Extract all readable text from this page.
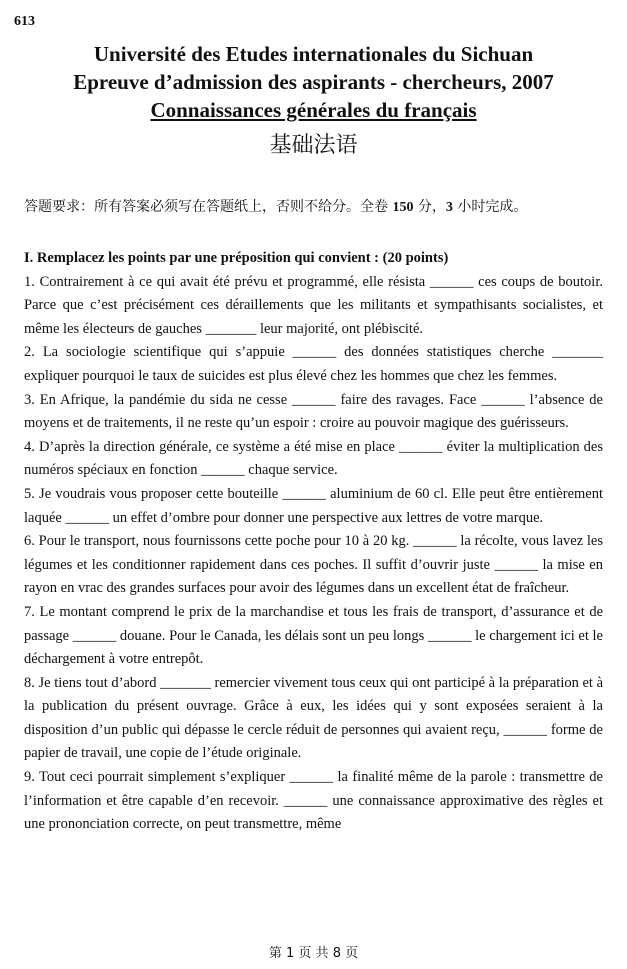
613
Université des Etudes internationales du Sichuan
Epreuve d’admission des aspirants - chercheurs, 2007
Connaissances générales du français
基础法语
答题要求：所有答案必须写在答题纸上，否则不给分。全卷 150 分，3 小时完成。
I. Remplacez les points par une préposition qui convient : (20 points)

1. Contrairement à ce qui avait été prévu et programmé, elle résista ______ ces coups de boutoir. Parce que c’est précisément ces déraillements que les militants et sympathisants socialistes, et même les électeurs de gauches _______ leur majorité, ont plébiscité.

2. La sociologie scientifique qui s’appuie ______ des données statistiques cherche _______ expliquer pourquoi le taux de suicides est plus élevé chez les hommes que chez les femmes.

3. En Afrique, la pandémie du sida ne cesse ______ faire des ravages. Face ______ l’absence de moyens et de traitements, il ne reste qu’un espoir : croire au pouvoir magique des guérisseurs.

4. D’après la direction générale, ce système a été mise en place ______ éviter la multiplication des numéros spéciaux en fonction ______ chaque service.

5. Je voudrais vous proposer cette bouteille ______ aluminium de 60 cl. Elle peut être entièrement laquée ______ un effet d’ombre pour donner une perspective aux lettres de votre marque.

6. Pour le transport, nous fournissons cette poche pour 10 à 20 kg. ______ la récolte, vous lavez les légumes et les conditionner rapidement dans ces poches. Il suffit d’ouvrir juste ______ la mise en rayon en vrac des grandes surfaces pour avoir des légumes dans un excellent état de fraîcheur.

7. Le montant comprend le prix de la marchandise et tous les frais de transport, d’assurance et de passage ______ douane. Pour le Canada, les délais sont un peu longs ______ le chargement ici et le déchargement à votre entrepôt.

8. Je tiens tout d’abord _______ remercier vivement tous ceux qui ont participé à la préparation et à la publication du présent ouvrage. Grâce à eux, les idées qui y sont exposées seraient à la disposition d’un public qui dépasse le cercle réduit de personnes qui avaient reçu, ______ forme de papier de travail, une copie de l’étude originale.

9. Tout ceci pourrait simplement s’expliquer ______ la finalité même de la parole : transmettre de l’information et être capable d’en recevoir. ______ une connaissance approximative des règles et une prononciation correcte, on peut transmettre, même

第 1 页 共 8 页
